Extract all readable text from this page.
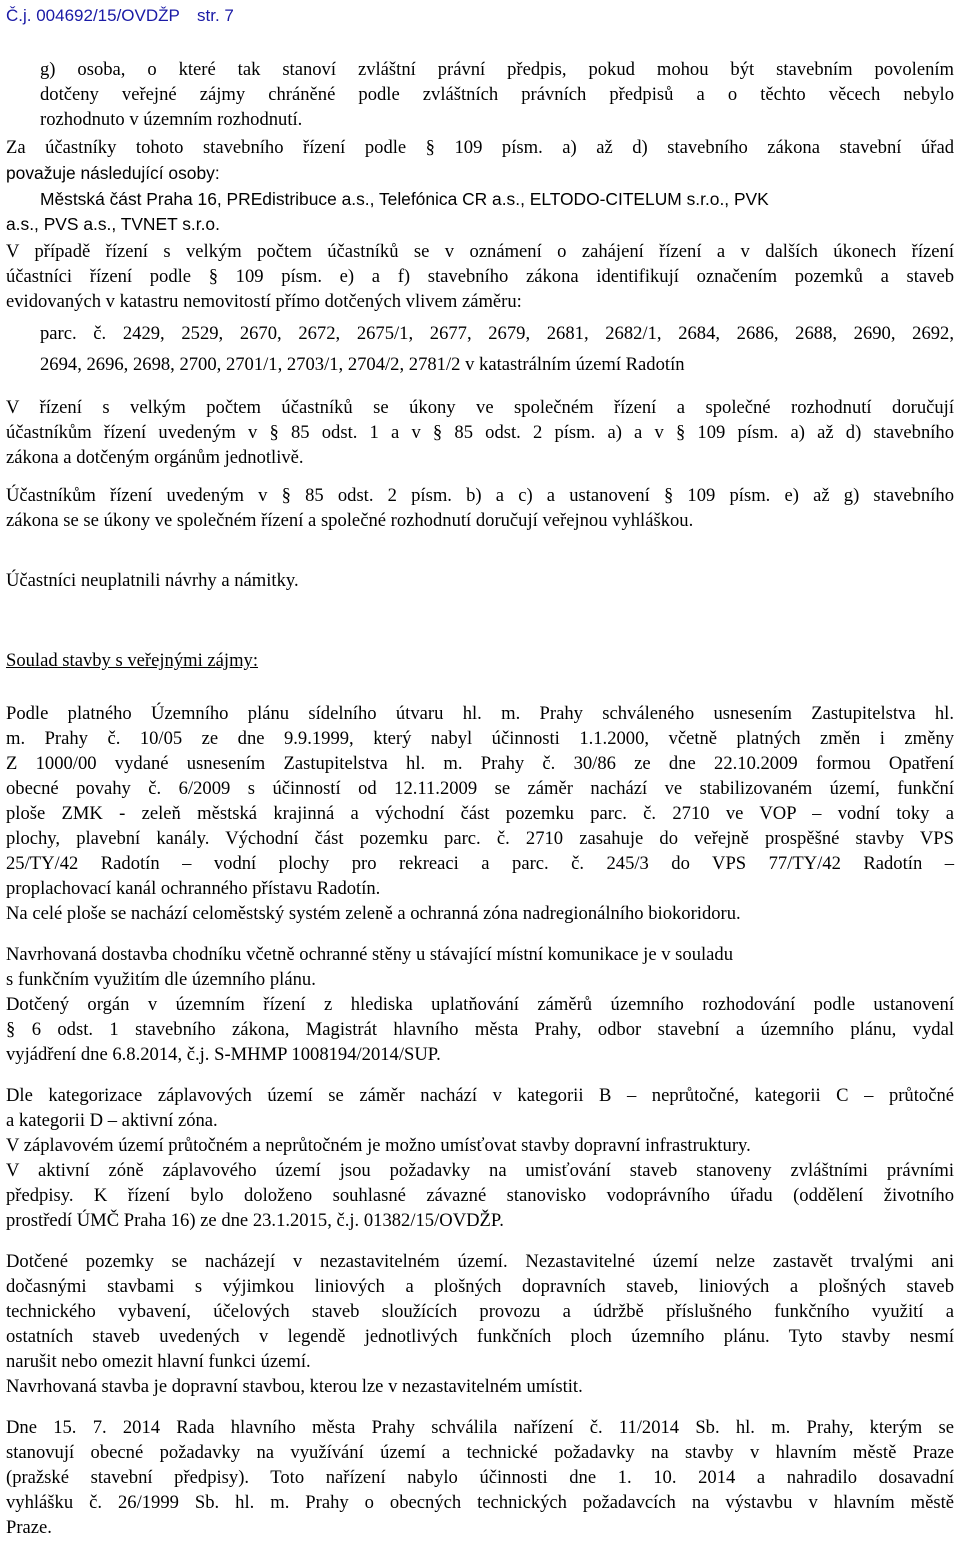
Č.j. 004692/15/OVDŽP str. 7
g) osoba, o které tak stanoví zvláštní právní předpis, pokud mohou být stavebním povolením
dotčeny veřejné zájmy chráněné podle zvláštních právních předpisů a o těchto věcech nebylo
rozhodnuto v územním rozhodnutí.
Za účastníky tohoto stavebního řízení podle § 109 písm. a) až d) stavebního zákona stavební úřad
považuje následující osoby:
Městská část Praha 16, PREdistribuce a.s., Telefónica CR a.s., ELTODO-CITELUM s.r.o., PVK
a.s., PVS a.s., TVNET s.r.o.
V případě řízení s velkým počtem účastníků se v oznámení o zahájení řízení a v dalších úkonech řízení
účastníci řízení podle § 109 písm. e) a f) stavebního zákona identifikují označením pozemků a staveb
evidovaných v katastru nemovitostí přímo dotčených vlivem záměru:
parc. č. 2429, 2529, 2670, 2672, 2675/1, 2677, 2679, 2681, 2682/1, 2684, 2686, 2688, 2690, 2692,
2694, 2696, 2698, 2700, 2701/1, 2703/1, 2704/2, 2781/2 v katastrálním území Radotín
V řízení s velkým počtem účastníků se úkony ve společném řízení a společné rozhodnutí doručují
účastníkům řízení uvedeným v § 85 odst. 1 a v § 85 odst. 2 písm. a) a v § 109 písm. a) až d) stavebního
zákona a dotčeným orgánům jednotlivě.
Účastníkům řízení uvedeným v § 85 odst. 2 písm. b) a c) a ustanovení § 109 písm. e) až g) stavebního
zákona se se úkony ve společném řízení a společné rozhodnutí doručují veřejnou vyhláškou.
Účastníci neuplatnili návrhy a námitky.
Soulad stavby s veřejnými zájmy:
Podle platného Územního plánu sídelního útvaru hl. m. Prahy schváleného usnesením Zastupitelstva hl.
m. Prahy č. 10/05 ze dne 9.9.1999, který nabyl účinnosti 1.1.2000, včetně platných změn i změny
Z 1000/00 vydané usnesením Zastupitelstva hl. m. Prahy č. 30/86 ze dne 22.10.2009 formou Opatření
obecné povahy č. 6/2009 s účinností od 12.11.2009 se záměr nachází ve stabilizovaném území, funkční
ploše ZMK - zeleň městská krajinná a východní část pozemku parc. č. 2710 ve VOP – vodní toky a
plochy, plavební kanály. Východní část pozemku parc. č. 2710 zasahuje do veřejně prospěšné stavby VPS
25/TY/42 Radotín – vodní plochy pro rekreaci a parc. č. 245/3 do VPS 77/TY/42 Radotín –
proplachovací kanál ochranného přístavu Radotín.
Na celé ploše se nachází celoměstský systém zeleně a ochranná zóna nadregionálního biokoridoru.
Navrhovaná dostavba chodníku včetně ochranné stěny u stávající místní komunikace je v souladu
s funkčním využitím dle územního plánu.
Dotčený orgán v územním řízení z hlediska uplatňování záměrů územního rozhodování podle ustanovení
§ 6 odst. 1 stavebního zákona, Magistrát hlavního města Prahy, odbor stavební a územního plánu, vydal
vyjádření dne 6.8.2014, č.j. S-MHMP 1008194/2014/SUP.
Dle kategorizace záplavových území se záměr nachází v kategorii B – neprůtočné, kategorii C – průtočné
a kategorii D – aktivní zóna.
V záplavovém území průtočném a neprůtočném je možno umísťovat stavby dopravní infrastruktury.
V aktivní zóně záplavového území jsou požadavky na umisťování staveb stanoveny zvláštními právními
předpisy. K řízení bylo doloženo souhlasné závazné stanovisko vodoprávního úřadu (oddělení životního
prostředí ÚMČ Praha 16) ze dne 23.1.2015, č.j. 01382/15/OVDŽP.
Dotčené pozemky se nacházejí v nezastavitelném území. Nezastavitelné území nelze zastavět trvalými ani
dočasnými stavbami s výjimkou liniových a plošných dopravních staveb, liniových a plošných staveb
technického vybavení, účelových staveb sloužících provozu a údržbě příslušného funkčního využití a
ostatních staveb uvedených v legendě jednotlivých funkčních ploch územního plánu. Tyto stavby nesmí
narušit nebo omezit hlavní funkci území.
Navrhovaná stavba je dopravní stavbou, kterou lze v nezastavitelném umístit.
Dne 15. 7. 2014 Rada hlavního města Prahy schválila nařízení č. 11/2014 Sb. hl. m. Prahy, kterým se
stanovují obecné požadavky na využívání území a technické požadavky na stavby v hlavním městě Praze
(pražské stavební předpisy). Toto nařízení nabylo účinnosti dne 1. 10. 2014 a nahradilo dosavadní
vyhlášku č. 26/1999 Sb. hl. m. Prahy o obecných technických požadavcích na výstavbu v hlavním městě
Praze.
